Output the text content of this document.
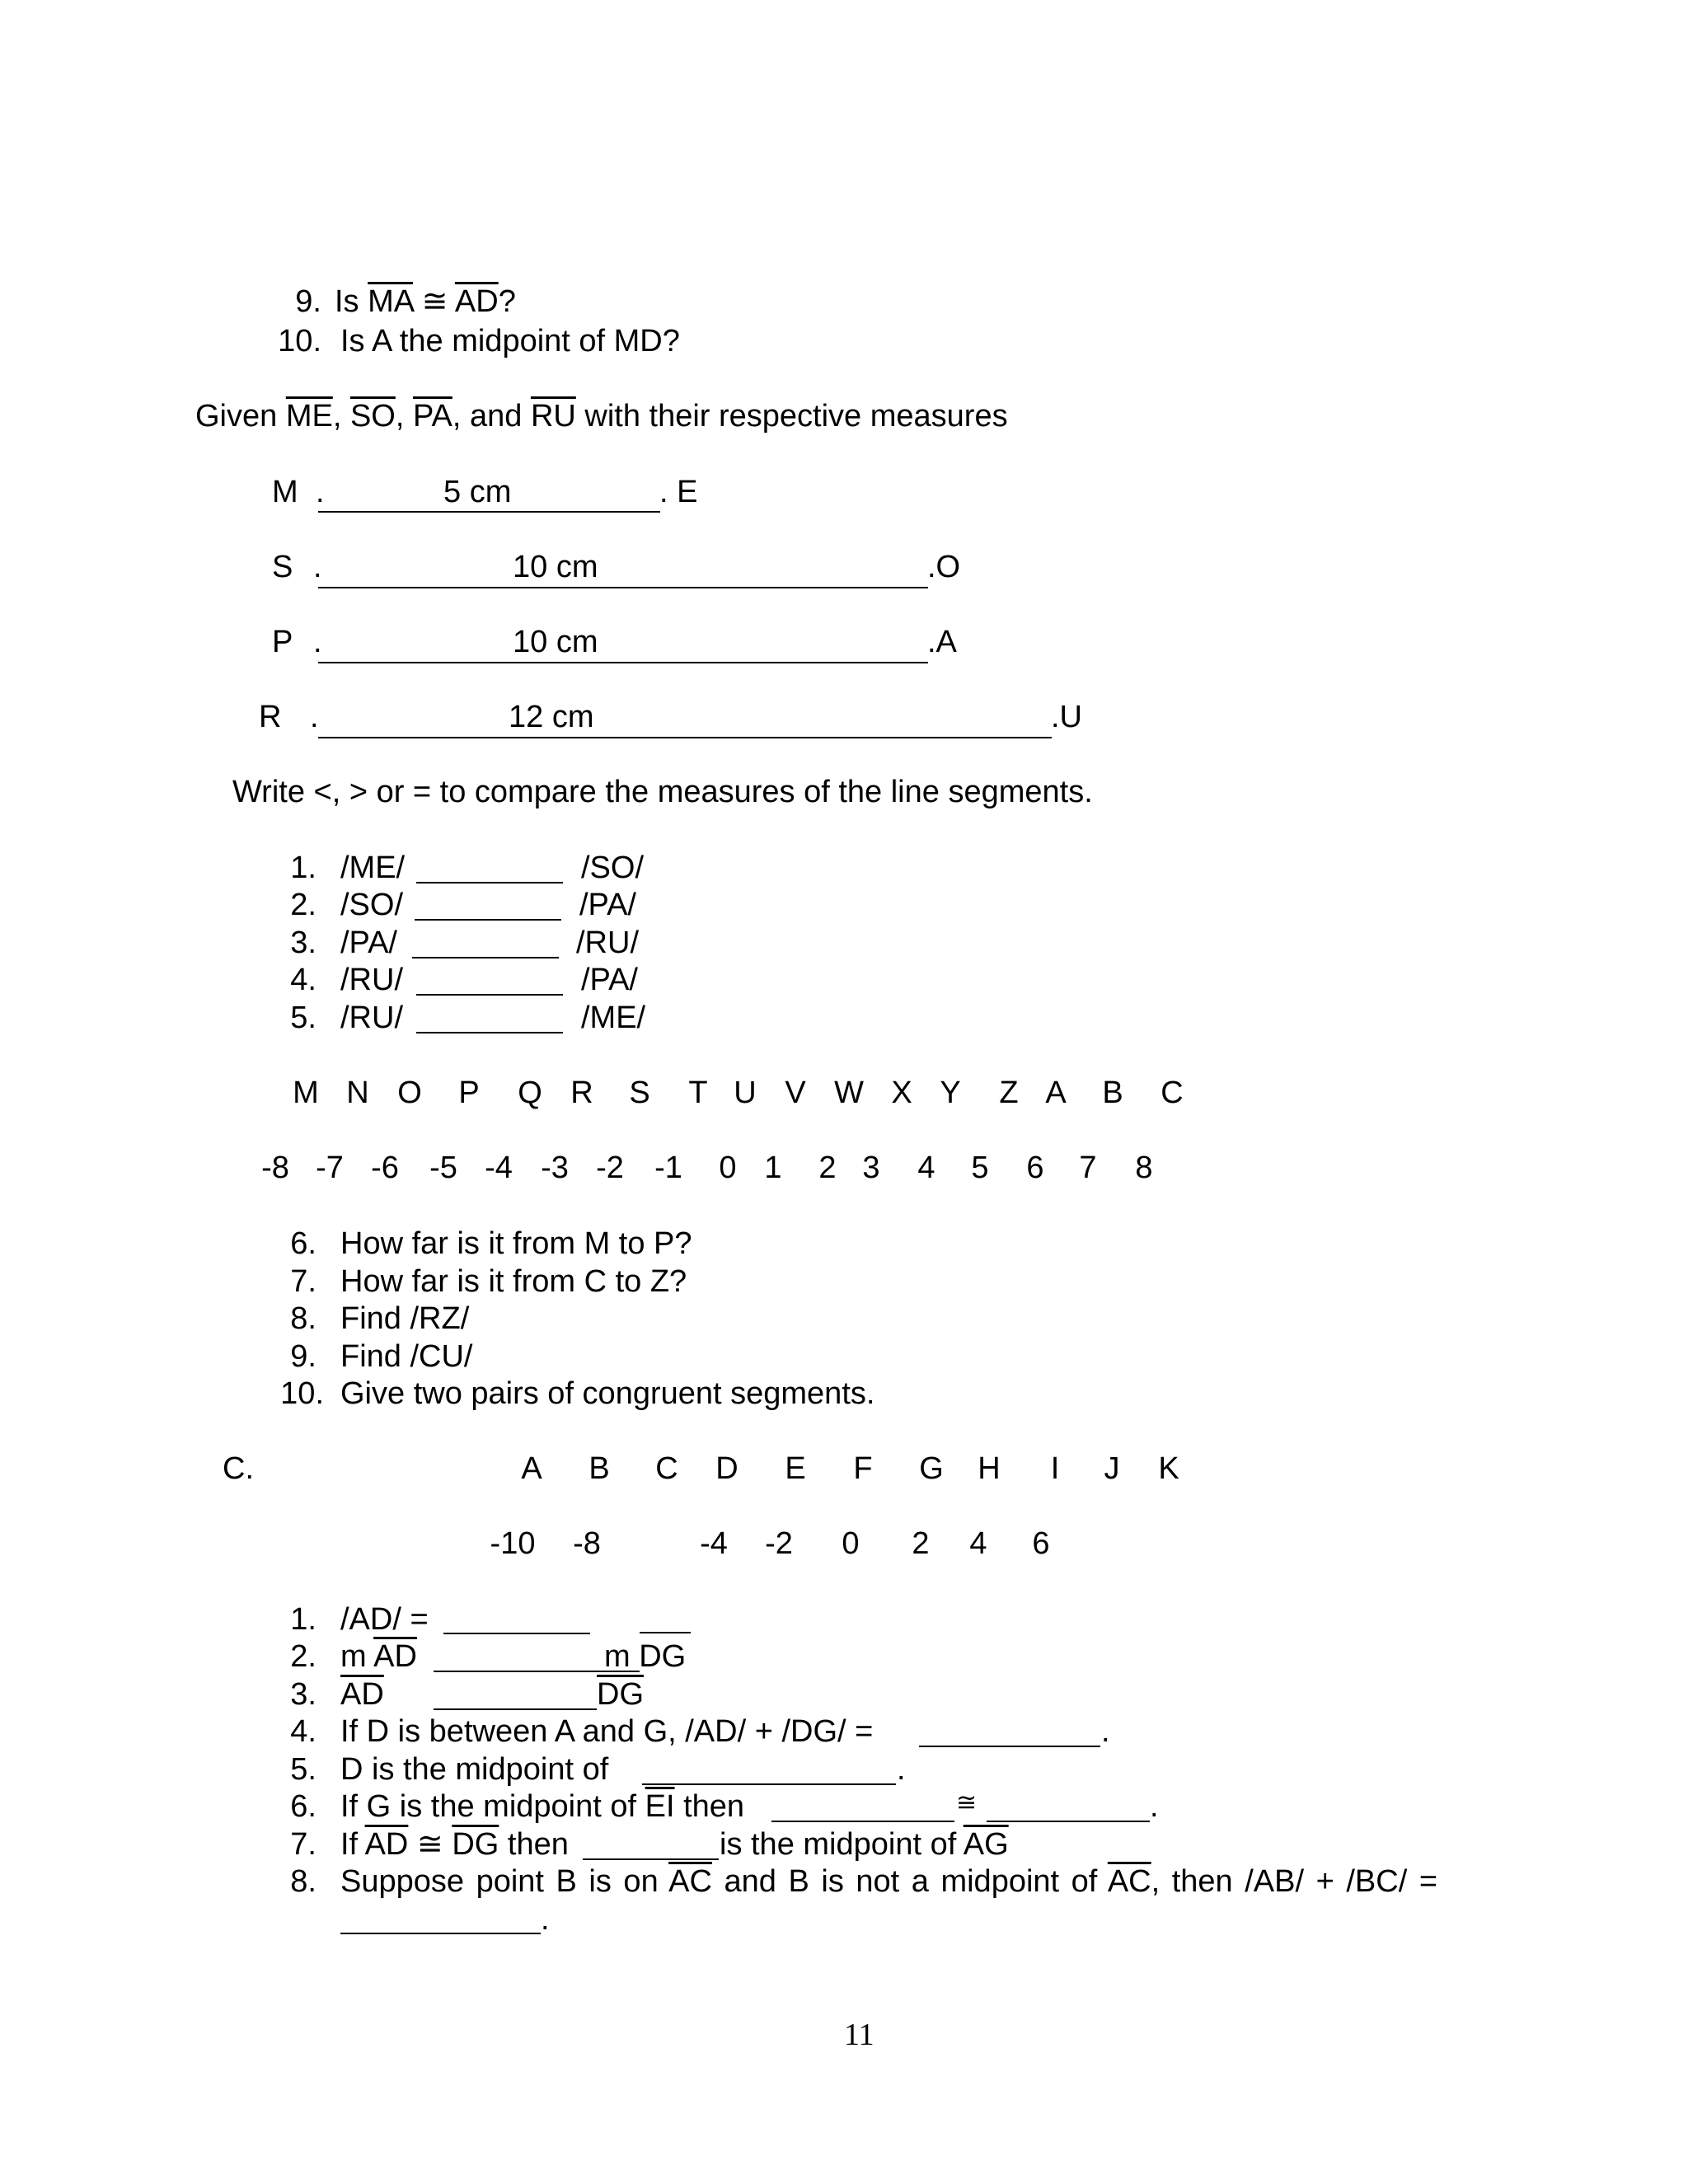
9. Is $\overline{MA}$ ≅ $\overline{AD}$?
10. Is A the midpoint of MD?
Given $\overline{ME}$, $\overline{SO}$, $\overline{PA}$, and $\overline{RU}$ with their respective measures
M .	5 cm	. E
S .	10 cm	.O
P .	10 cm	.A
R .	12 cm	.U
Write <, > or = to compare the measures of the line segments.
1. /ME/	/SO/
2. /SO/	/PA/
3. /PA/	/RU/
4. /RU/	/PA/
5. /RU/	/ME/
M N O P Q R S T U V W X Y Z A B C
-8 -7 -6 -5 -4 -3 -2 -1 0 1 2 3 4 5 6 7 8
6. How far is it from M to P?
7. How far is it from C to Z?
8. Find /RZ/
9. Find /CU/
10. Give two pairs of congruent segments.
C.	A B C D E F G H I J K
-10 -8	-4 -2 0 2 4 6
1. /AD/ =
2. m $\overline{AD}$	m DG
3. $\overline{AD}$	$\overline{DG}$
4. If D is between A and G, /AD/ + /DG/ =	.
5. D is the midpoint of	.
6. If G is the midpoint of $\overline{EI}$ then	≅	.
7. If $\overline{AD}$ ≅ $\overline{DG}$ then	is the midpoint of $\overline{AG}$
8. Suppose point B is on $\overline{AC}$ and B is not a midpoint of $\overline{AC}$, then /AB/ + /BC/ =
.
11
